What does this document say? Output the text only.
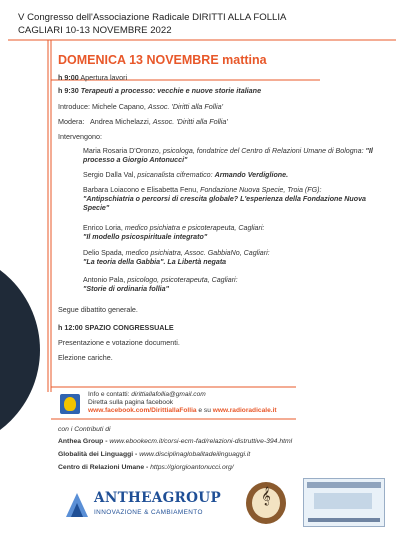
V Congresso dell'Associazione Radicale DIRITTI ALLA FOLLIA
CAGLIARI 10-13 NOVEMBRE 2022
DOMENICA 13 NOVEMBRE mattina
h 9:00 Apertura lavori
h 9:30 Terapeuti a processo: vecchie e nuove storie italiane
Introduce: Michele Capano, Assoc. 'Diritti alla Follia'
Modera: Andrea Michelazzi, Assoc. 'Diritti alla Follia'
Intervengono:
Maria Rosaria D'Oronzo, psicologa, fondatrice del Centro di Relazioni Umane di Bologna: "Il processo a Giorgio Antonucci"
Sergio Dalla Val, psicanalista cifrematico: Armando Verdiglione.
Barbara Loiacono e Elisabetta Fenu, Fondazione Nuova Specie, Troia (FG): "Antipschiatria o percorsi di crescita globale? L'esperienza della Fondazione Nuova Specie"
Enrico Loria, medico psichiatra e psicoterapeuta, Cagliari:
"Il modello psicospirituale integrato"
Delio Spada, medico psichiatra, Assoc. GabbiaNo, Cagliari:
"La teoria della Gabbia". La Libertà negata
Antonio Pala, psicologo, psicoterapeuta, Cagliari:
"Storie di ordinaria follia"
Segue dibattito generale.
h 12:00 SPAZIO CONGRESSUALE
Presentazione e votazione documenti.
Elezione cariche.
Info e contatti: dirittiallafollia@gmail.com
Diretta sulla pagina facebook
www.facebook.com/DirittiallaFollia e su www.radioradicale.it
con i Contributi di
Anthea Group - www.ebookecm.it/corsi-ecm-fad/relazioni-distruttive-394.html
Globalità dei Linguaggi - www.disciplinaglobalitadeilinguaggi.it
Centro di Relazioni Umane - https://giorgioantonucci.org/
ANTHEAGROUP
INNOVAZIONE & CAMBIAMENTO
𝄞
